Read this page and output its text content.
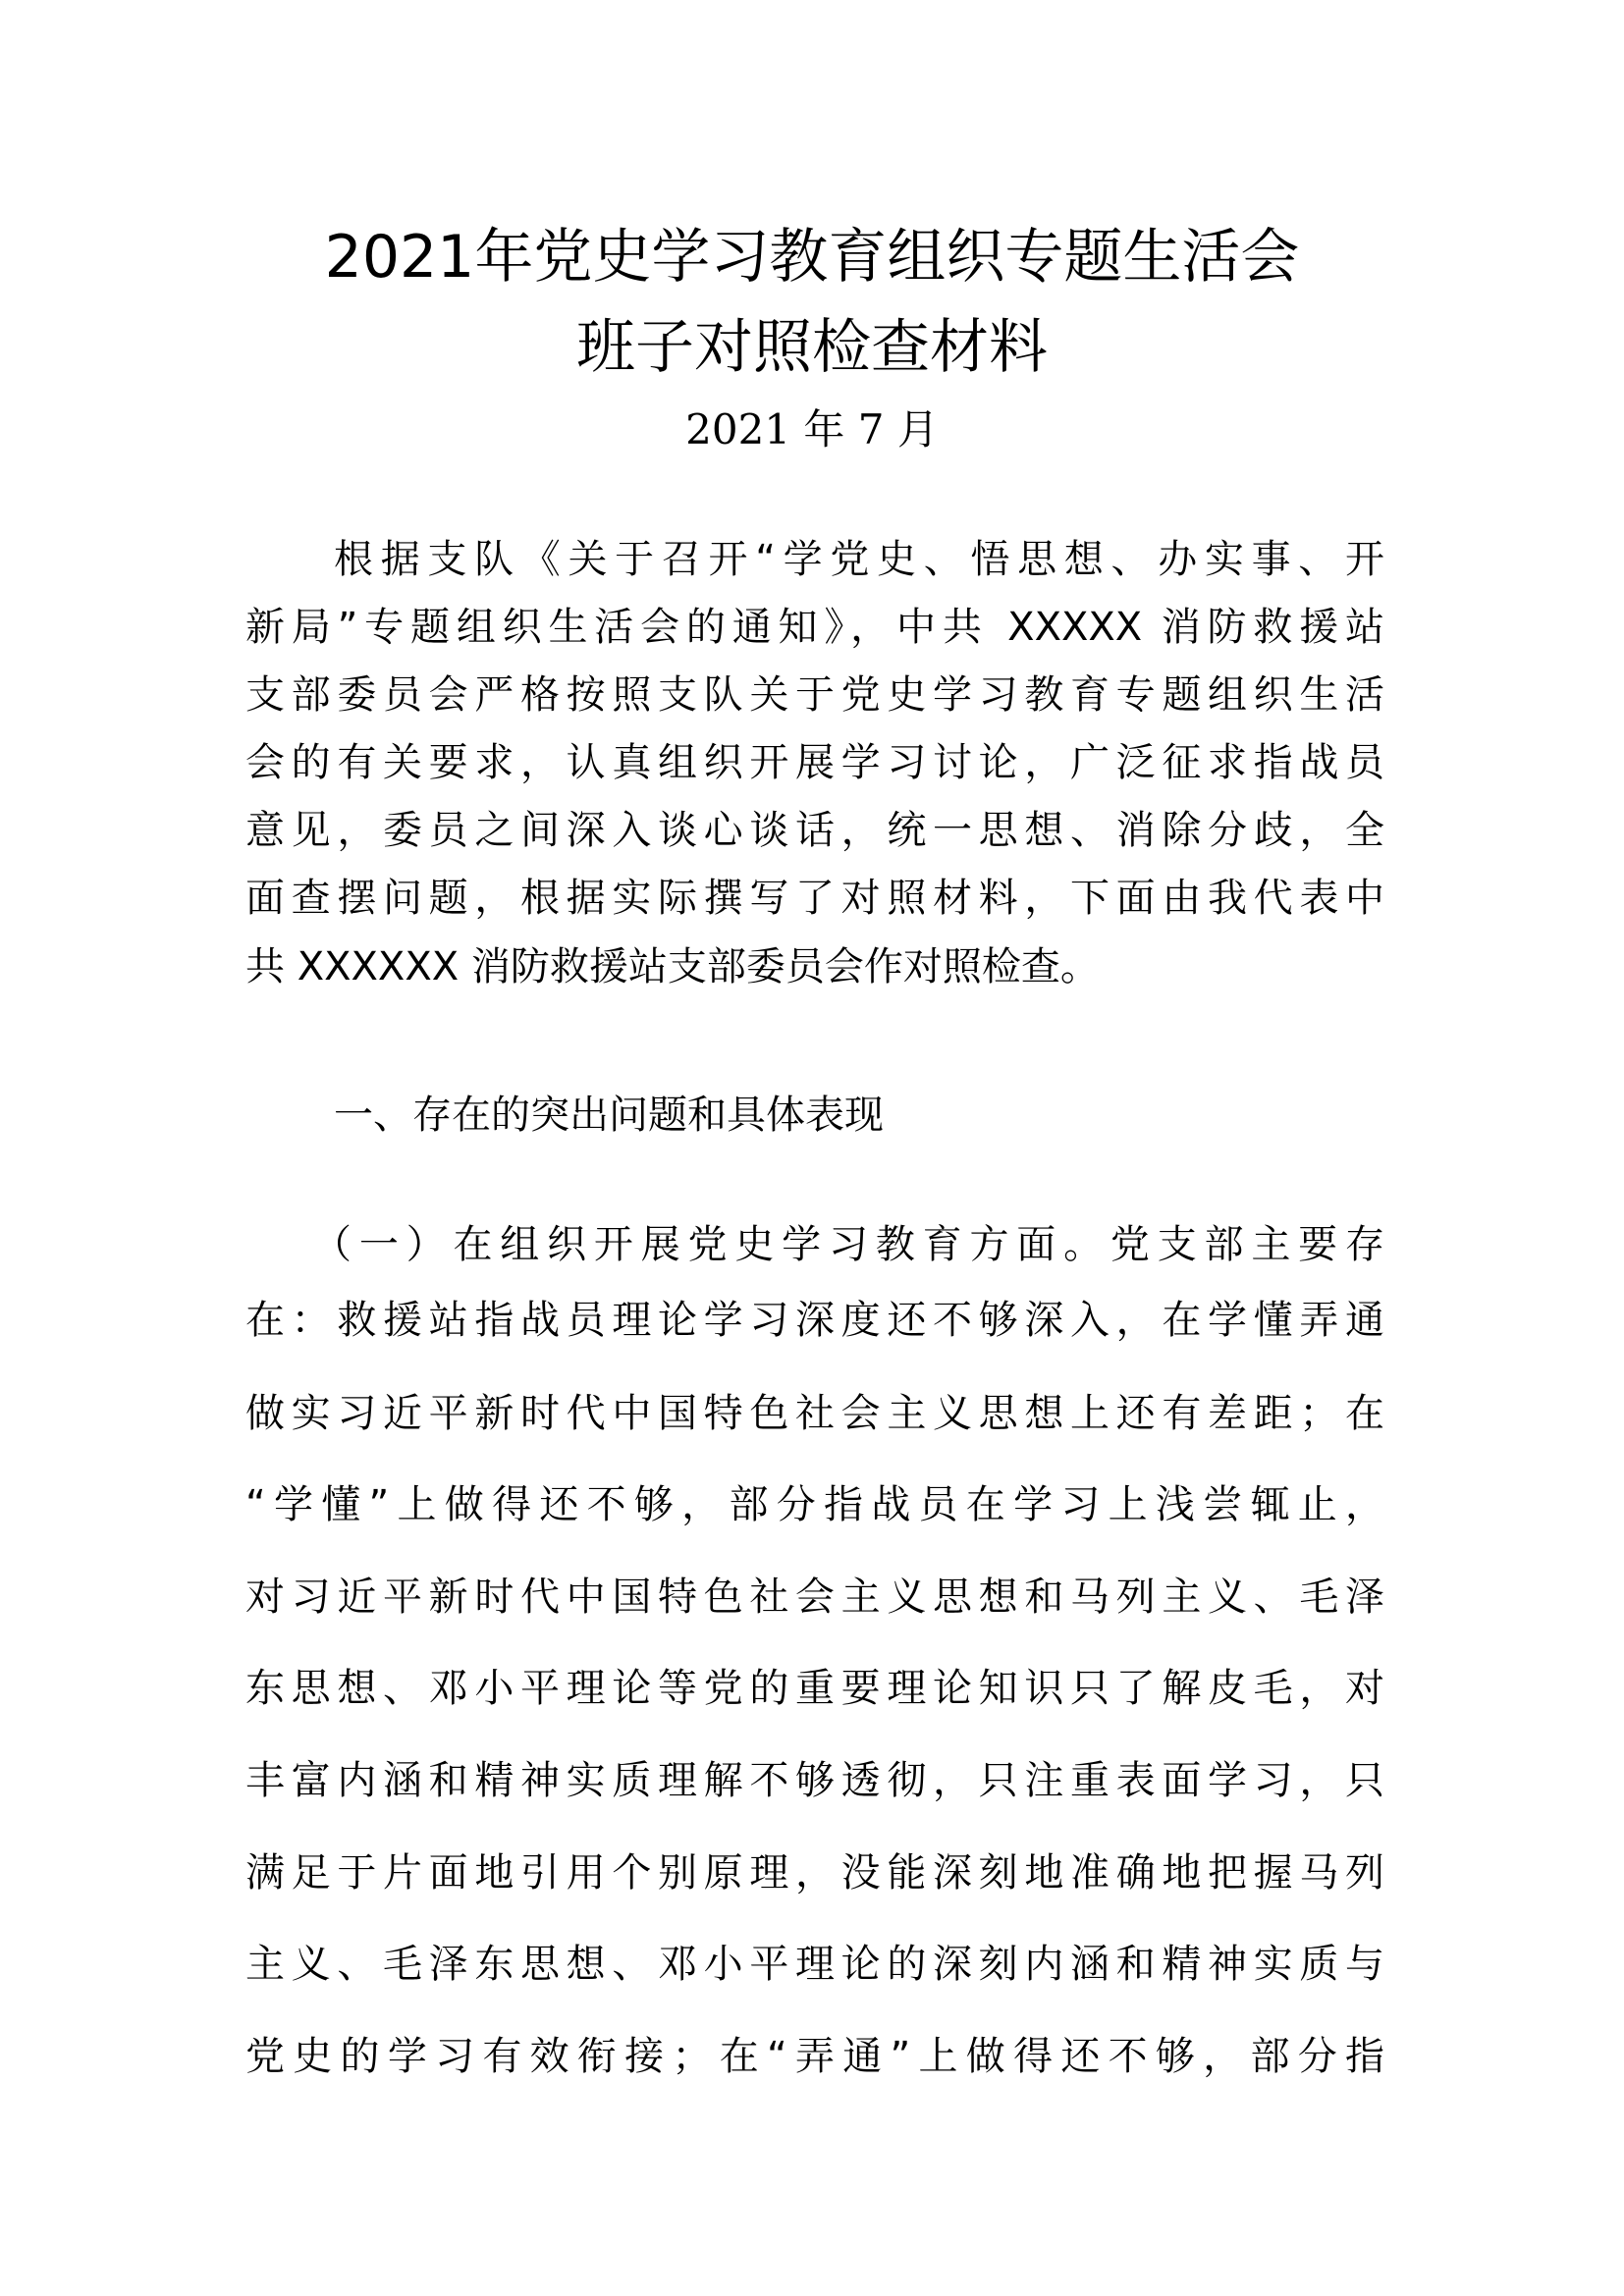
2021年党史学习教育组织专题生活会
班子对照检查材料

2021 年 7 月

根据支队《关于召开“学党史、悟思想、办实事、开

新局”专题组织生活会的通知》，中共 XXXXX 消防救援站

支部委员会严格按照支队关于党史学习教育专题组织生活

会的有关要求，认真组织开展学习讨论，广泛征求指战员

意见，委员之间深入谈心谈话，统一思想、消除分歧，全

面查摆问题，根据实际撰写了对照材料，下面由我代表中

共 XXXXXX 消防救援站支部委员会作对照检查。

一、存在的突出问题和具体表现

（一）在组织开展党史学习教育方面。党支部主要存

在：救援站指战员理论学习深度还不够深入，在学懂弄通

做实习近平新时代中国特色社会主义思想上还有差距；在

“学懂”上做得还不够，部分指战员在学习上浅尝辄止，

对习近平新时代中国特色社会主义思想和马列主义、毛泽

东思想、邓小平理论等党的重要理论知识只了解皮毛，对

丰富内涵和精神实质理解不够透彻，只注重表面学习，只

满足于片面地引用个别原理，没能深刻地准确地把握马列

主义、毛泽东思想、邓小平理论的深刻内涵和精神实质与

党史的学习有效衔接；在“弄通”上做得还不够，部分指
